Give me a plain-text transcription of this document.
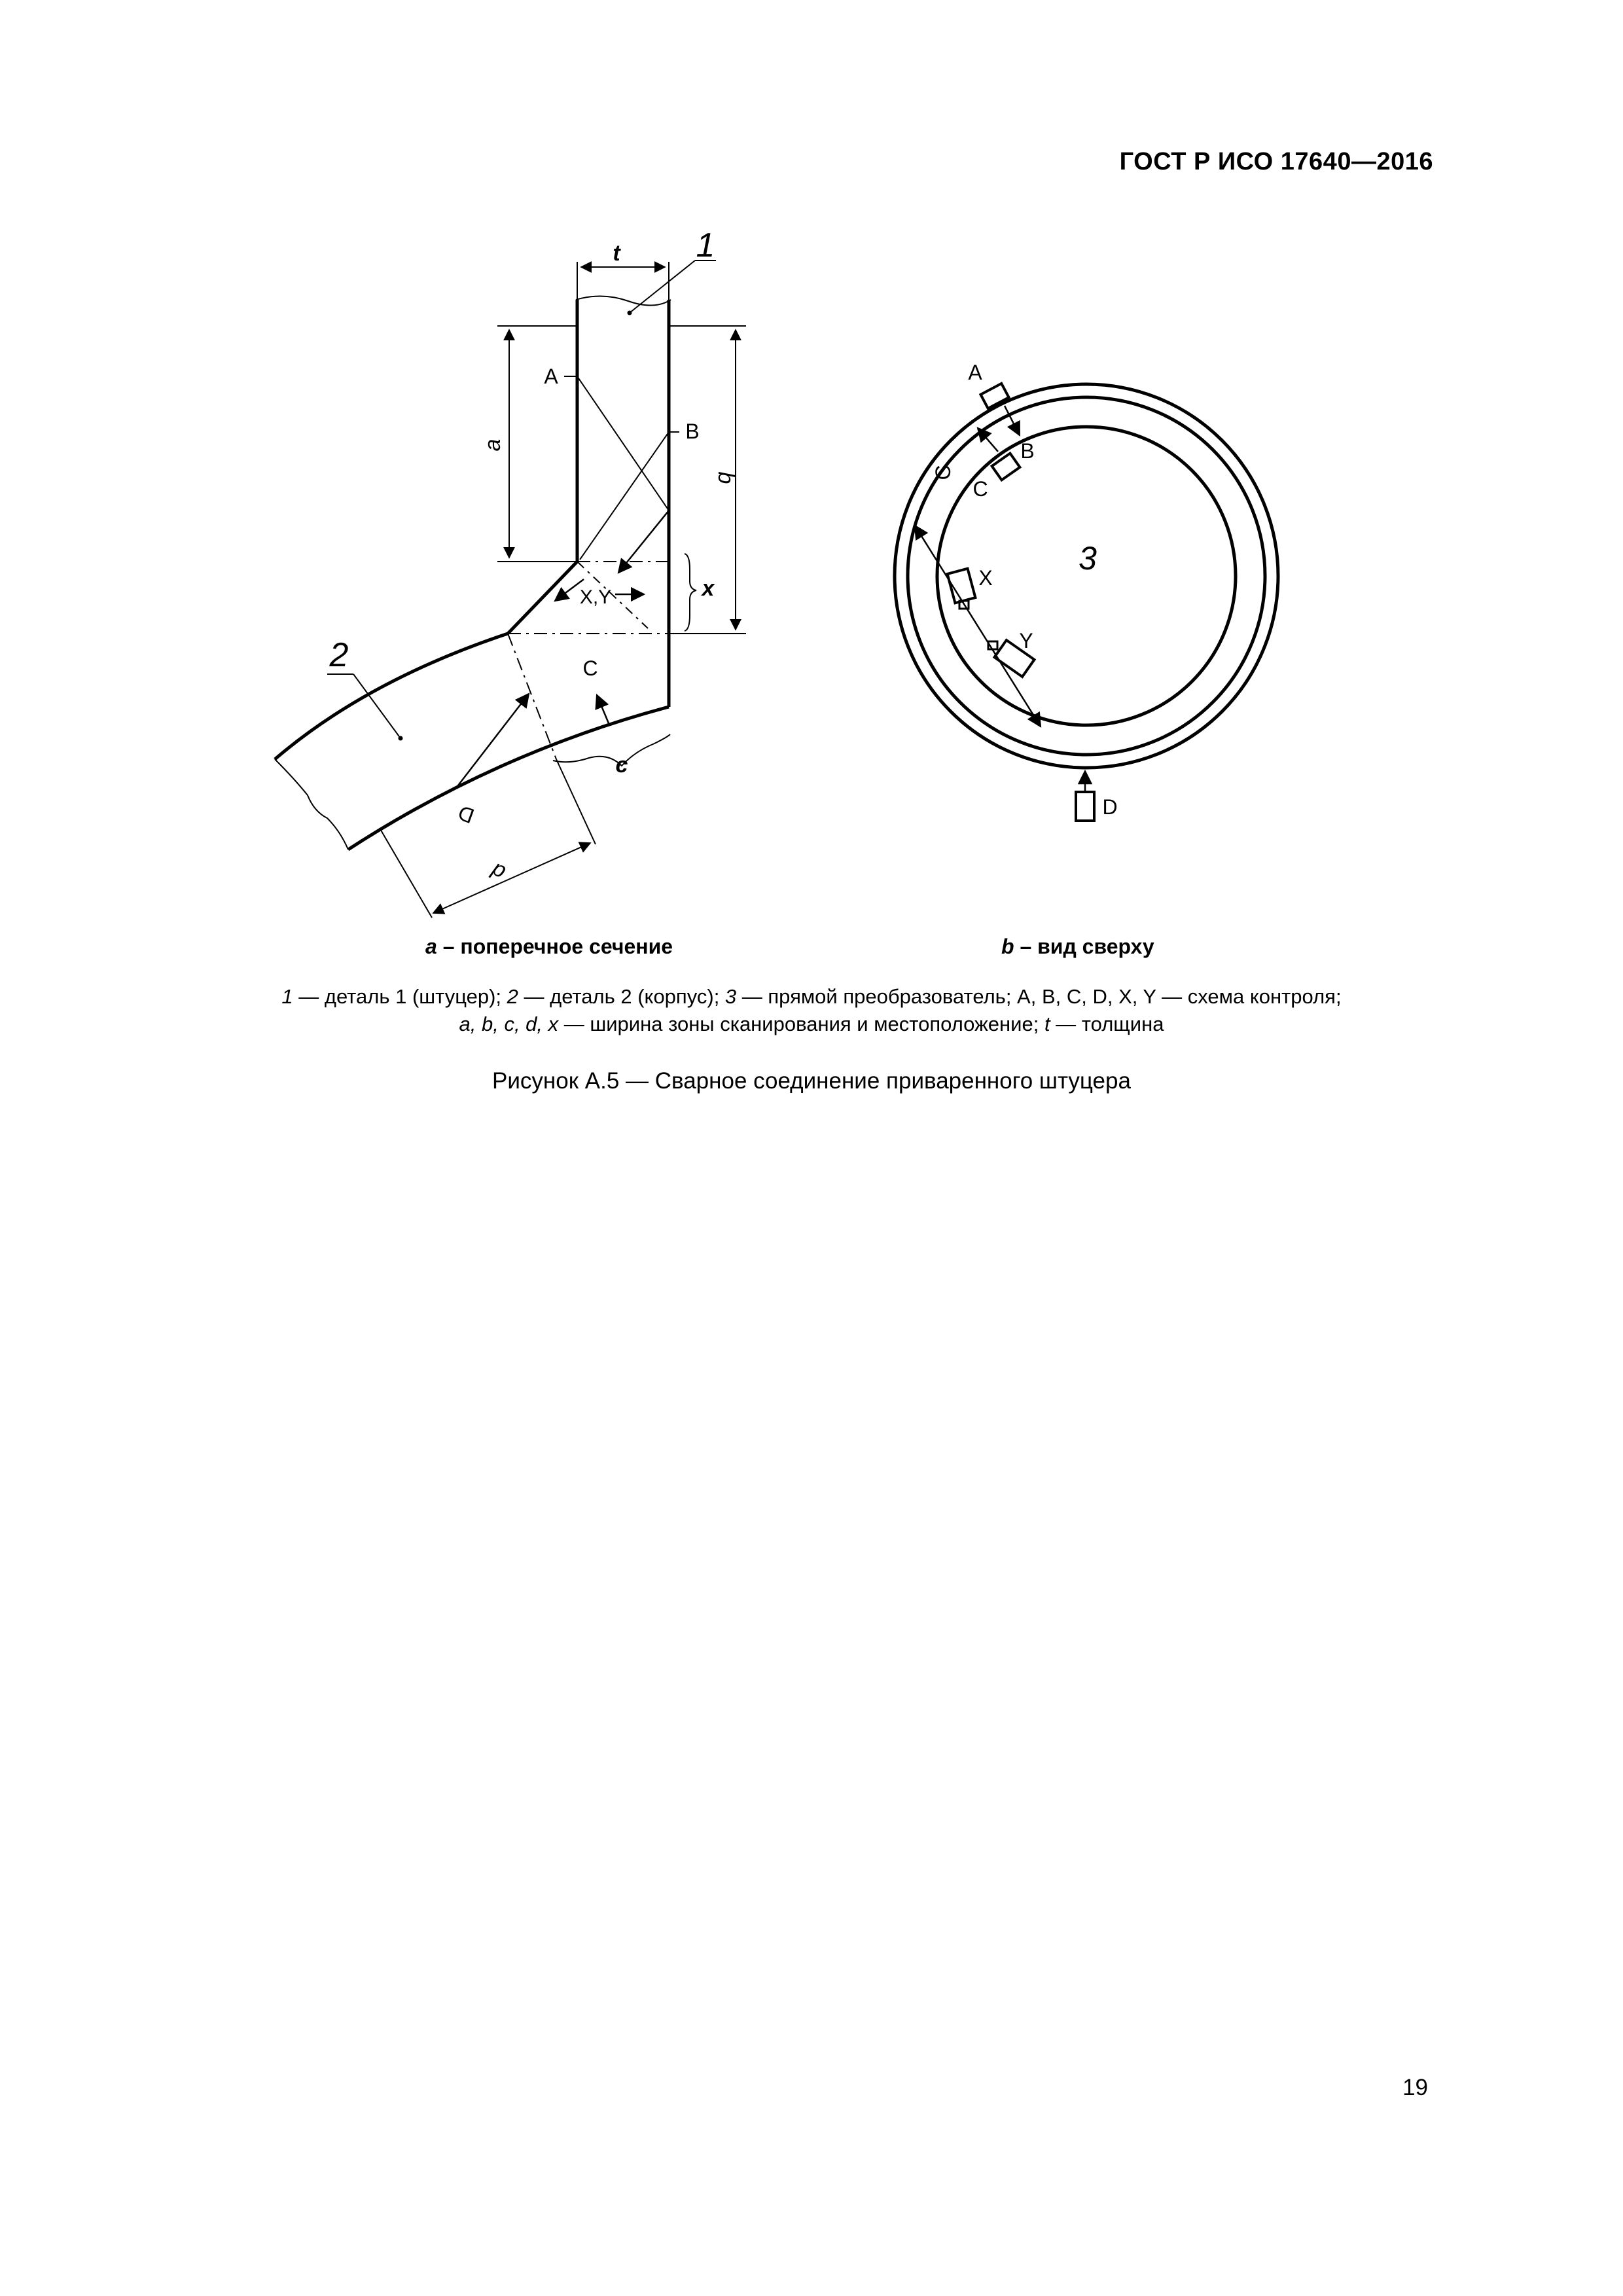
ГОСТ Р ИСО 17640—2016
t 1
a
b
A
B
X,Y	x
C
c
2
D
d
A
B
C
C
3
X
Y
D
a – поперечное сечение	b – вид сверху
1 — деталь 1 (штуцер); 2 — деталь 2 (корпус); 3 — прямой преобразователь; A, B, C, D, X, Y — схема контроля;
a, b, c, d, x — ширина зоны сканирования и местоположение; t — толщина
Рисунок А.5 — Сварное соединение приваренного штуцера
19
